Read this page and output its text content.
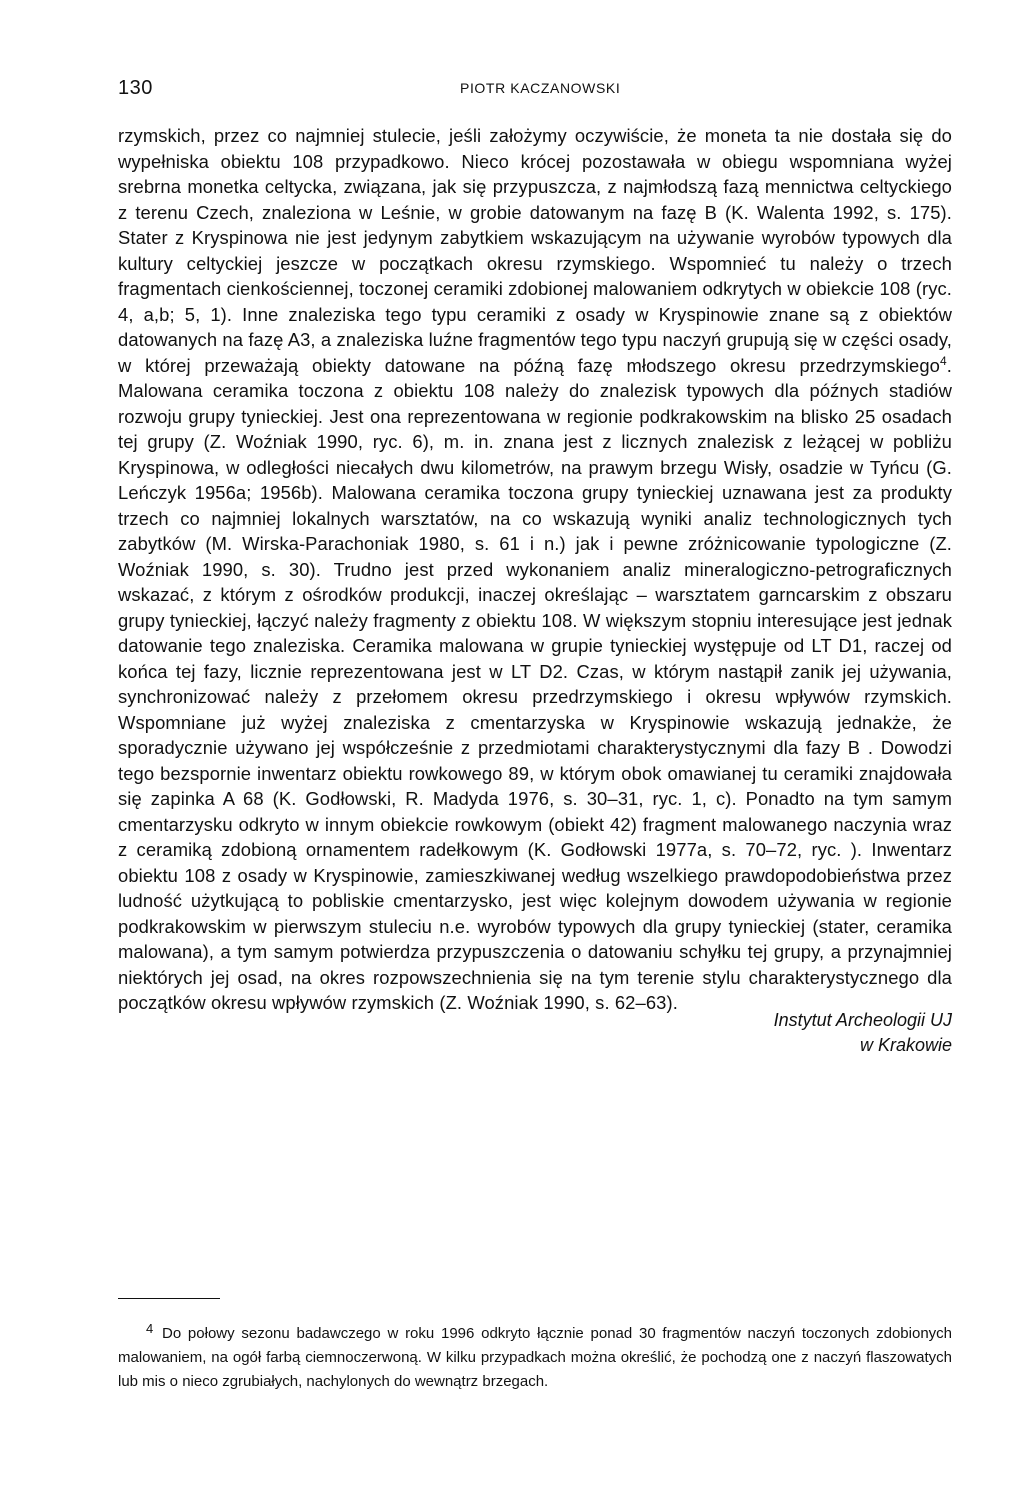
130	PIOTR KACZANOWSKI

rzymskich, przez co najmniej stulecie, jeśli założymy oczywiście, że moneta ta nie dostała się do wypełniska obiektu 108 przypadkowo. Nieco krócej pozostawała w obiegu wspomniana wyżej srebrna monetka celtycka, związana, jak się przypuszcza, z najmłodszą fazą mennictwa celtyckiego z terenu Czech, znaleziona w Leśnie, w grobie datowanym na fazę B (K. Walenta 1992, s. 175). Stater z Kryspinowa nie jest jedynym zabytkiem wskazującym na używanie wyrobów typowych dla kultury celtyckiej jeszcze w początkach okresu rzymskiego. Wspomnieć tu należy o trzech fragmentach cienkościennej, toczonej ceramiki zdobionej malowaniem odkrytych w obiekcie 108 (ryc. 4, a,b; 5, 1). Inne znaleziska tego typu ceramiki z osady w Kryspinowie znane są z obiektów datowanych na fazę A3, a znaleziska luźne fragmentów tego typu naczyń grupują się w części osady, w której przeważają obiekty datowane na późną fazę młodszego okresu przedrzymskiego$^4$. Malowana ceramika toczona z obiektu 108 należy do znalezisk typowych dla późnych stadiów rozwoju grupy tynieckiej. Jest ona reprezentowana w regionie podkrakowskim na blisko 25 osadach tej grupy (Z. Woźniak 1990, ryc. 6), m. in. znana jest z licznych znalezisk z leżącej w pobliżu Kryspinowa, w odległości niecałych dwu kilometrów, na prawym brzegu Wisły, osadzie w Tyńcu (G. Leńczyk 1956a; 1956b). Malowana ceramika toczona grupy tynieckiej uznawana jest za produkty trzech co najmniej lokalnych warsztatów, na co wskazują wyniki analiz technologicznych tych zabytków (M. Wirska-Parachoniak 1980, s. 61 i n.) jak i pewne zróżnicowanie typologiczne (Z. Woźniak 1990, s. 30). Trudno jest przed wykonaniem analiz mineralogiczno-petrograficznych wskazać, z którym z ośrodków produkcji, inaczej określając – warsztatem garncarskim z obszaru grupy tynieckiej, łączyć należy fragmenty z obiektu 108. W większym stopniu interesujące jest jednak datowanie tego znaleziska. Ceramika malowana w grupie tynieckiej występuje od LT D1, raczej od końca tej fazy, licznie reprezentowana jest w LT D2. Czas, w którym nastąpił zanik jej używania, synchronizować należy z przełomem okresu przedrzymskiego i okresu wpływów rzymskich. Wspomniane już wyżej znaleziska z cmentarzyska w Kryspinowie wskazują jednakże, że sporadycznie używano jej współcześnie z przedmiotami charakterystycznymi dla fazy B . Dowodzi tego bezspornie inwentarz obiektu rowkowego 89, w którym obok omawianej tu ceramiki znajdowała się zapinka A 68 (K. Godłowski, R. Madyda 1976, s. 30–31, ryc. 1, c). Ponadto na tym samym cmentarzysku odkryto w innym obiekcie rowkowym (obiekt 42) fragment malowanego naczynia wraz z ceramiką zdobioną ornamentem radełkowym (K. Godłowski 1977a, s. 70–72, ryc. ). Inwentarz obiektu 108 z osady w Kryspinowie, zamieszkiwanej według wszelkiego prawdopodobieństwa przez ludność użytkującą to pobliskie cmentarzysko, jest więc kolejnym dowodem używania w regionie podkrakowskim w pierwszym stuleciu n.e. wyrobów typowych dla grupy tynieckiej (stater, ceramika malowana), a tym samym potwierdza przypuszczenia o datowaniu schyłku tej grupy, a przynajmniej niektórych jej osad, na okres rozpowszechnienia się na tym terenie stylu charakterystycznego dla początków okresu wpływów rzymskich (Z. Woźniak 1990, s. 62–63).

Instytut Archeologii UJ
w Krakowie
4 Do połowy sezonu badawczego w roku 1996 odkryto łącznie ponad 30 fragmentów naczyń toczonych zdobionych malowaniem, na ogół farbą ciemnoczerwoną. W kilku przypadkach można określić, że pochodzą one z naczyń flaszowatych lub mis o nieco zgrubiałych, nachylonych do wewnątrz brzegach.
